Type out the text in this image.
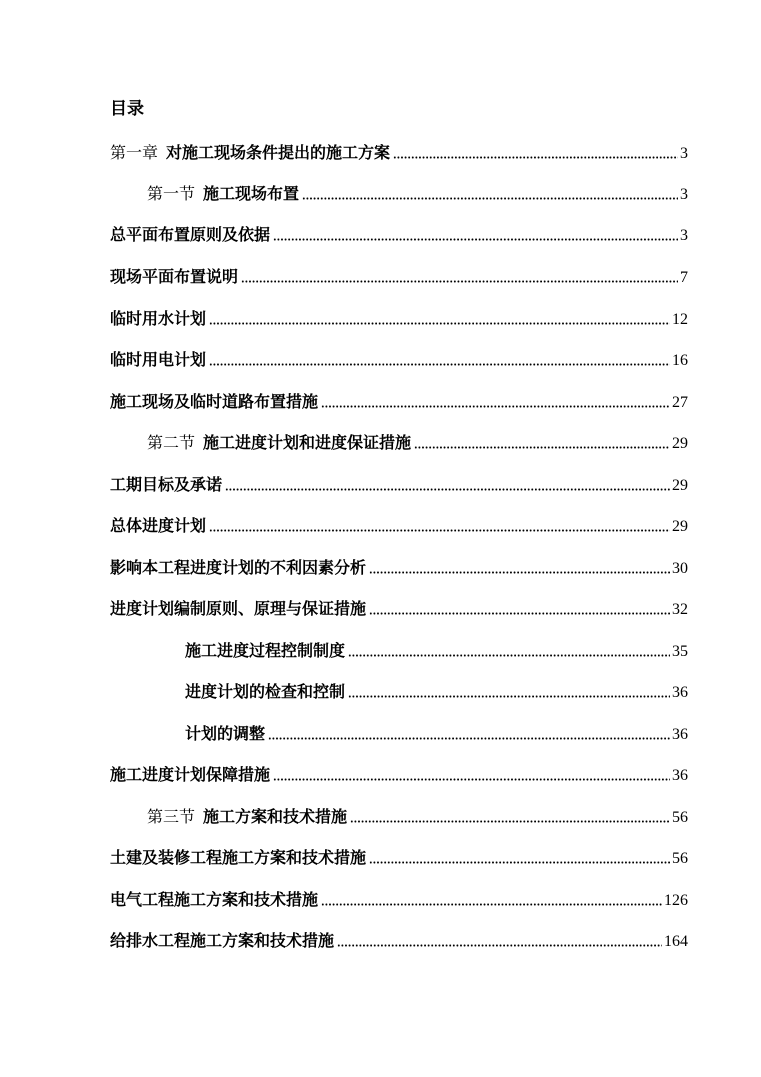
目录
第一章 对施工现场条件提出的施工方案	3
第一节 施工现场布置	3
总平面布置原则及依据	3
现场平面布置说明	7
临时用水计划	12
临时用电计划	16
施工现场及临时道路布置措施	27
第二节 施工进度计划和进度保证措施	29
工期目标及承诺	29
总体进度计划	29
影响本工程进度计划的不利因素分析	30
进度计划编制原则、原理与保证措施	32
施工进度过程控制制度	35
进度计划的检查和控制	36
计划的调整	36
施工进度计划保障措施	36
第三节 施工方案和技术措施	56
土建及装修工程施工方案和技术措施	56
电气工程施工方案和技术措施	126
给排水工程施工方案和技术措施	164
